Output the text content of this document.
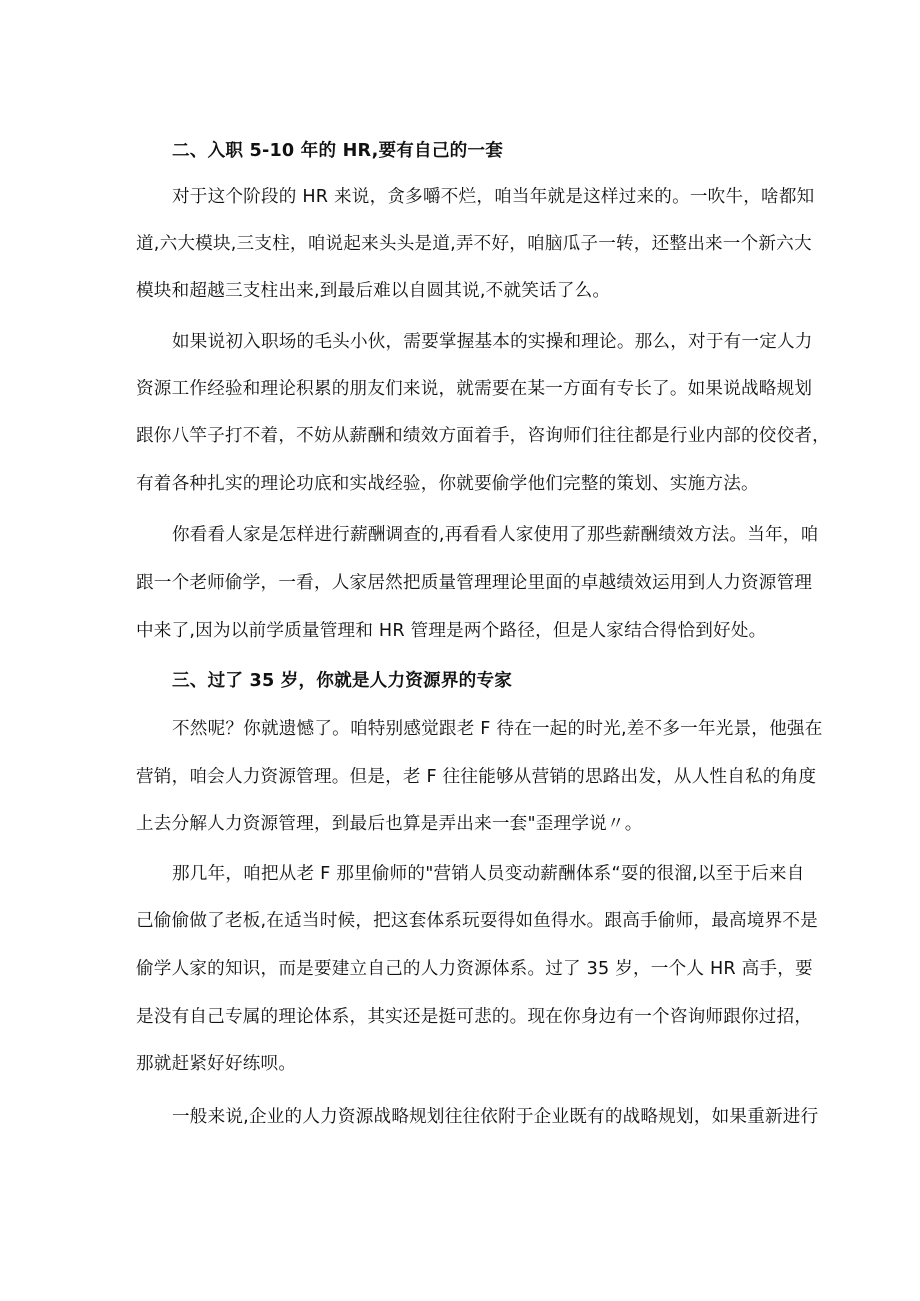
二、入职 5-10 年的 HR,要有自己的一套
对于这个阶段的 HR 来说，贪多嚼不烂，咱当年就是这样过来的。一吹牛，啥都知
道,六大模块,三支柱，咱说起来头头是道,弄不好，咱脑瓜子一转，还整出来一个新六大
模块和超越三支柱出来,到最后难以自圆其说,不就笑话了么。
如果说初入职场的毛头小伙，需要掌握基本的实操和理论。那么，对于有一定人力
资源工作经验和理论积累的朋友们来说，就需要在某一方面有专长了。如果说战略规划
跟你八竿子打不着，不妨从薪酬和绩效方面着手，咨询师们往往都是行业内部的佼佼者，
有着各种扎实的理论功底和实战经验，你就要偷学他们完整的策划、实施方法。
你看看人家是怎样进行薪酬调查的,再看看人家使用了那些薪酬绩效方法。当年，咱
跟一个老师偷学，一看，人家居然把质量管理理论里面的卓越绩效运用到人力资源管理
中来了,因为以前学质量管理和 HR 管理是两个路径，但是人家结合得恰到好处。
三、过了 35 岁，你就是人力资源界的专家
不然呢？你就遗憾了。咱特别感觉跟老 F 待在一起的时光,差不多一年光景，他强在
营销，咱会人力资源管理。但是，老 F 往往能够从营销的思路出发，从人性自私的角度
上去分解人力资源管理，到最后也算是弄出来一套"歪理学说〃。
那几年，咱把从老 F 那里偷师的"营销人员变动薪酬体系“耍的很溜,以至于后来自
己偷偷做了老板,在适当时候，把这套体系玩耍得如鱼得水。跟高手偷师，最高境界不是
偷学人家的知识，而是要建立自己的人力资源体系。过了 35 岁，一个人 HR 高手，要
是没有自己专属的理论体系，其实还是挺可悲的。现在你身边有一个咨询师跟你过招，
那就赶紧好好练呗。
一般来说,企业的人力资源战略规划往往依附于企业既有的战略规划，如果重新进行
